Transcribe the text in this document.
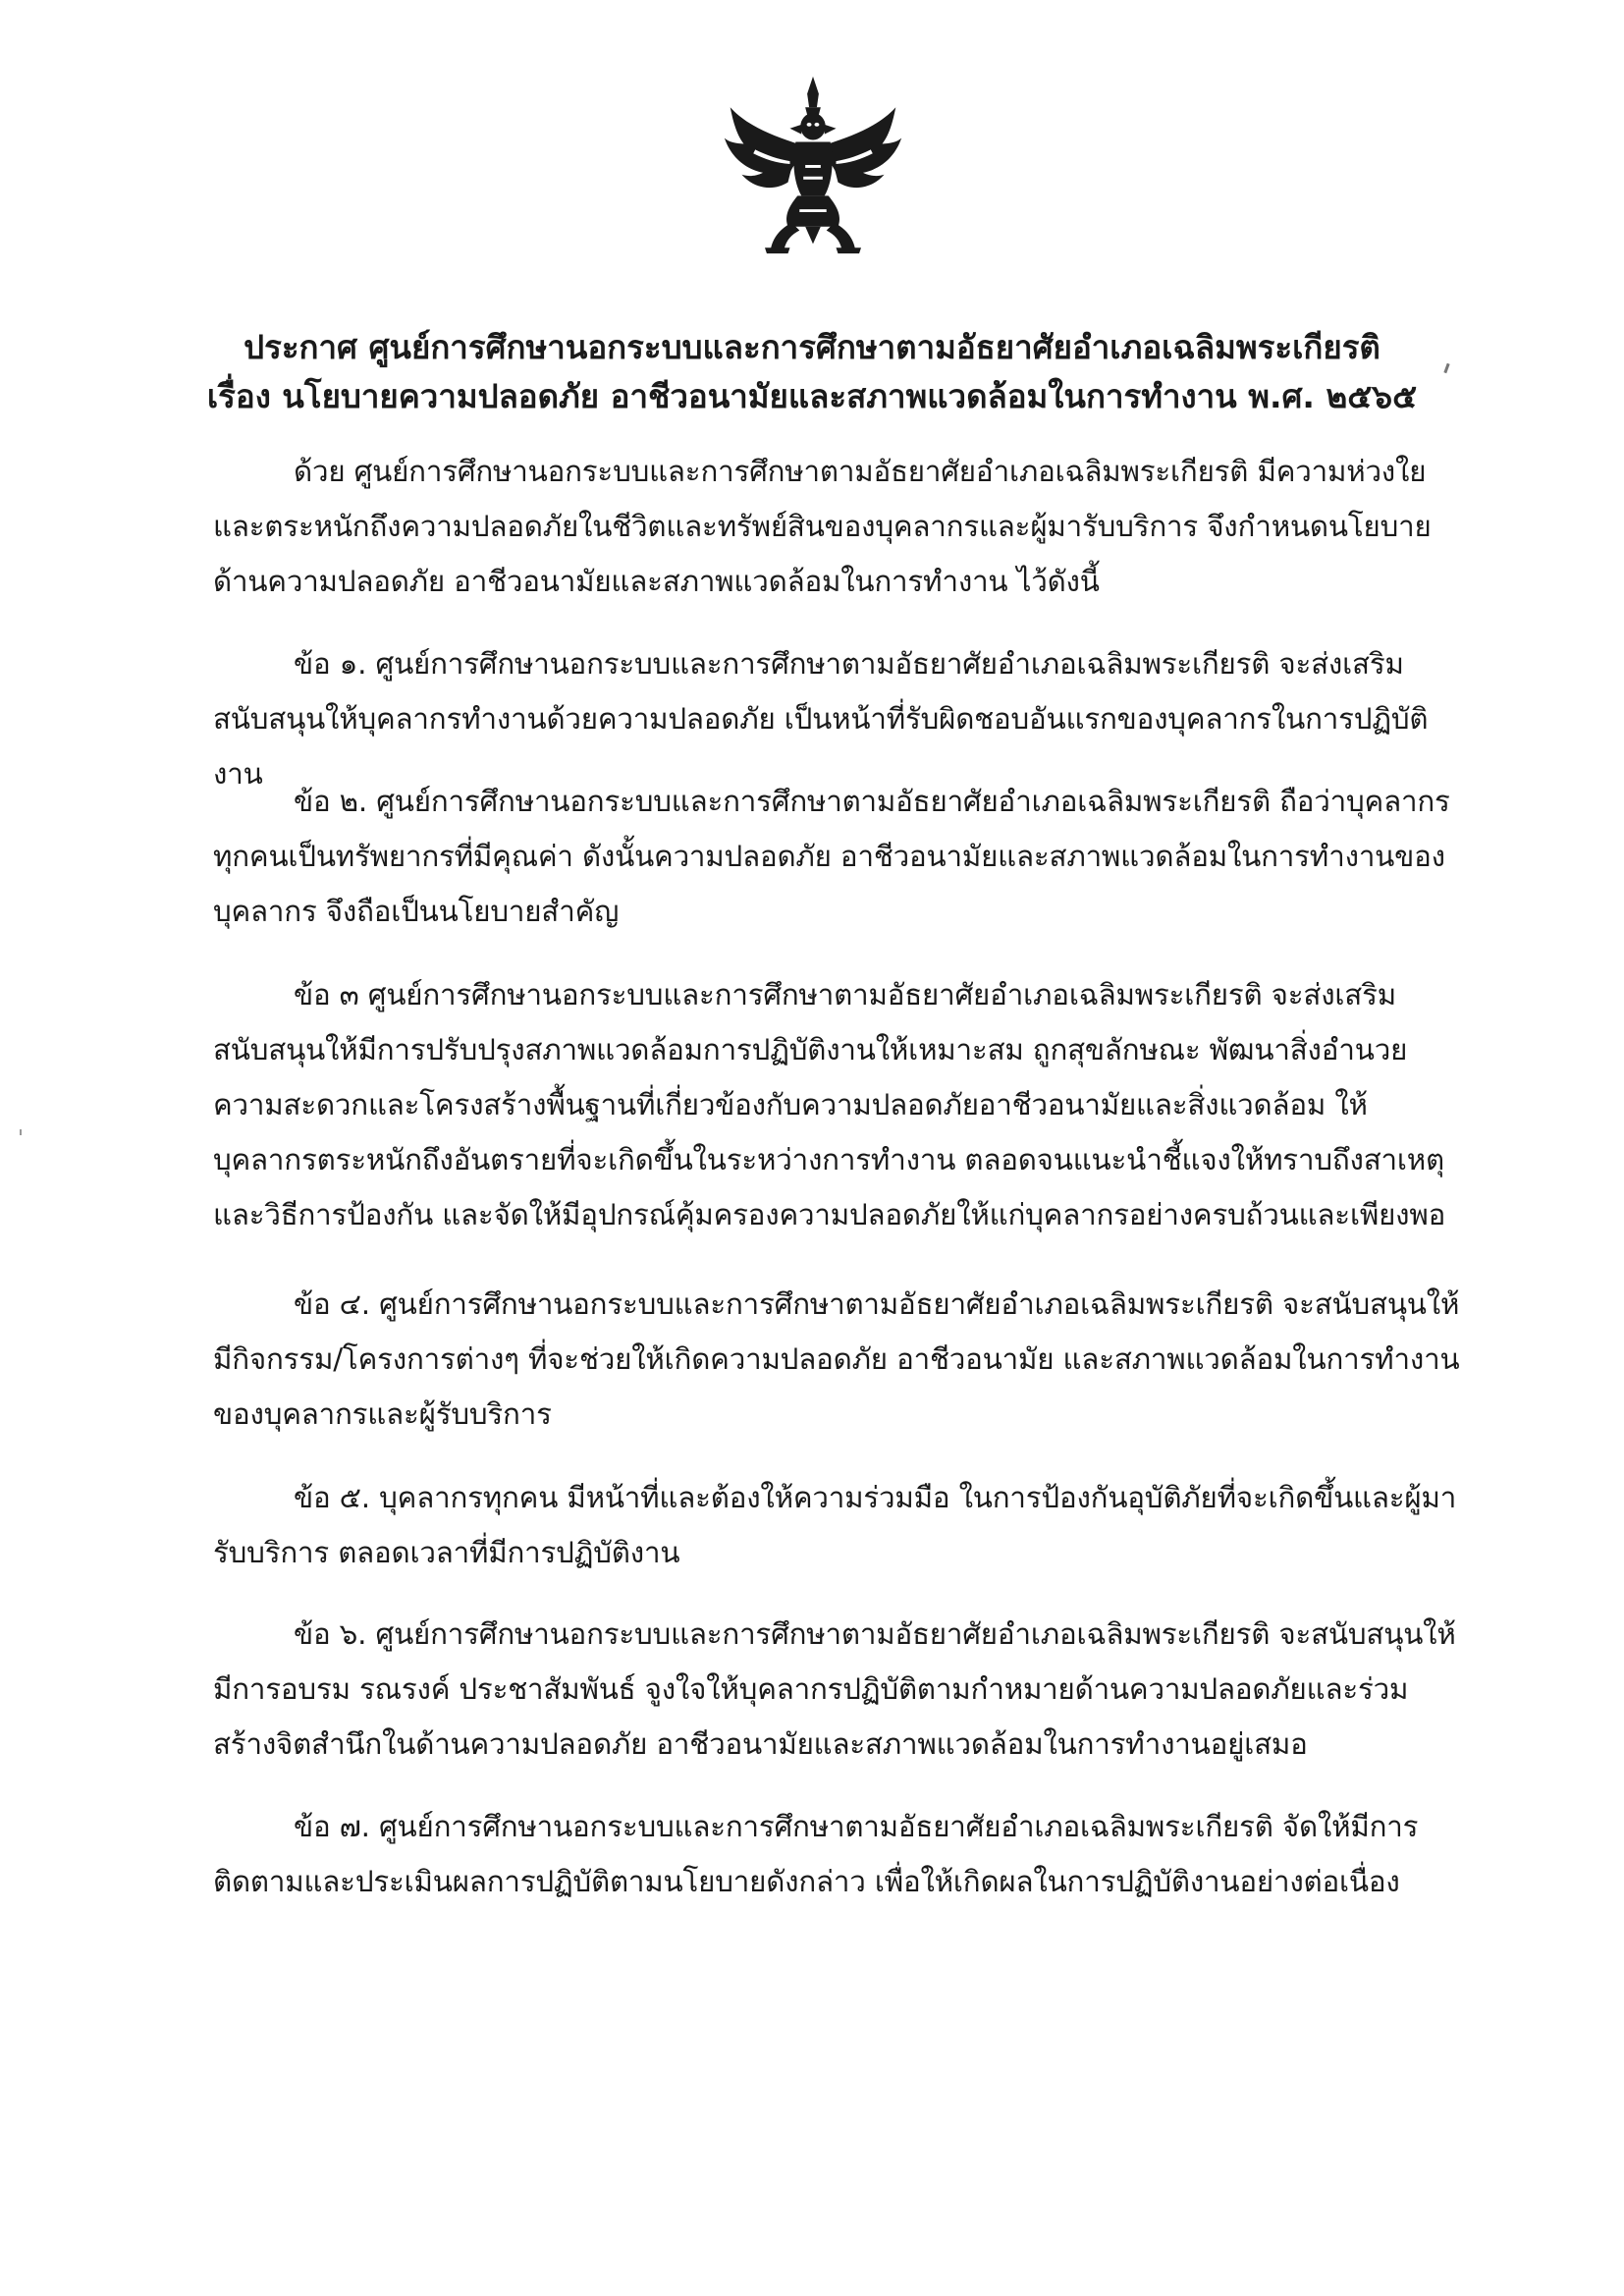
ประกาศ ศูนย์การศึกษานอกระบบและการศึกษาตามอัธยาศัยอำเภอเฉลิมพระเกียรติ
เรื่อง นโยบายความปลอดภัย อาชีวอนามัยและสภาพแวดล้อมในการทำงาน พ.ศ. ๒๕๖๕
ด้วย ศูนย์การศึกษานอกระบบและการศึกษาตามอัธยาศัยอำเภอเฉลิมพระเกียรติ มีความห่วงใยและตระหนักถึงความปลอดภัยในชีวิตและทรัพย์สินของบุคลากรและผู้มารับบริการ จึงกำหนดนโยบายด้านความปลอดภัย อาชีวอนามัยและสภาพแวดล้อมในการทำงาน ไว้ดังนี้
ข้อ ๑. ศูนย์การศึกษานอกระบบและการศึกษาตามอัธยาศัยอำเภอเฉลิมพระเกียรติ จะส่งเสริมสนับสนุนให้บุคลากรทำงานด้วยความปลอดภัย เป็นหน้าที่รับผิดชอบอันแรกของบุคลากรในการปฏิบัติงาน
ข้อ ๒. ศูนย์การศึกษานอกระบบและการศึกษาตามอัธยาศัยอำเภอเฉลิมพระเกียรติ ถือว่าบุคลากรทุกคนเป็นทรัพยากรที่มีคุณค่า ดังนั้นความปลอดภัย อาชีวอนามัยและสภาพแวดล้อมในการทำงานของบุคลากร จึงถือเป็นนโยบายสำคัญ
ข้อ ๓ ศูนย์การศึกษานอกระบบและการศึกษาตามอัธยาศัยอำเภอเฉลิมพระเกียรติ จะส่งเสริมสนับสนุนให้มีการปรับปรุงสภาพแวดล้อมการปฏิบัติงานให้เหมาะสม ถูกสุขลักษณะ พัฒนาสิ่งอำนวยความสะดวกและโครงสร้างพื้นฐานที่เกี่ยวข้องกับความปลอดภัยอาชีวอนามัยและสิ่งแวดล้อม ให้บุคลากรตระหนักถึงอันตรายที่จะเกิดขึ้นในระหว่างการทำงาน ตลอดจนแนะนำชี้แจงให้ทราบถึงสาเหตุและวิธีการป้องกัน และจัดให้มีอุปกรณ์คุ้มครองความปลอดภัยให้แก่บุคลากรอย่างครบถ้วนและเพียงพอ
ข้อ ๔. ศูนย์การศึกษานอกระบบและการศึกษาตามอัธยาศัยอำเภอเฉลิมพระเกียรติ จะสนับสนุนให้มีกิจกรรม/โครงการต่างๆ ที่จะช่วยให้เกิดความปลอดภัย อาชีวอนามัย และสภาพแวดล้อมในการทำงานของบุคลากรและผู้รับบริการ
ข้อ ๕. บุคลากรทุกคน มีหน้าที่และต้องให้ความร่วมมือ ในการป้องกันอุบัติภัยที่จะเกิดขึ้นและผู้มารับบริการ ตลอดเวลาที่มีการปฏิบัติงาน
ข้อ ๖. ศูนย์การศึกษานอกระบบและการศึกษาตามอัธยาศัยอำเภอเฉลิมพระเกียรติ จะสนับสนุนให้มีการอบรม รณรงค์ ประชาสัมพันธ์ จูงใจให้บุคลากรปฏิบัติตามกำหมายด้านความปลอดภัยและร่วมสร้างจิตสำนึกในด้านความปลอดภัย อาชีวอนามัยและสภาพแวดล้อมในการทำงานอยู่เสมอ
ข้อ ๗. ศูนย์การศึกษานอกระบบและการศึกษาตามอัธยาศัยอำเภอเฉลิมพระเกียรติ จัดให้มีการติดตามและประเมินผลการปฏิบัติตามนโยบายดังกล่าว เพื่อให้เกิดผลในการปฏิบัติงานอย่างต่อเนื่อง
